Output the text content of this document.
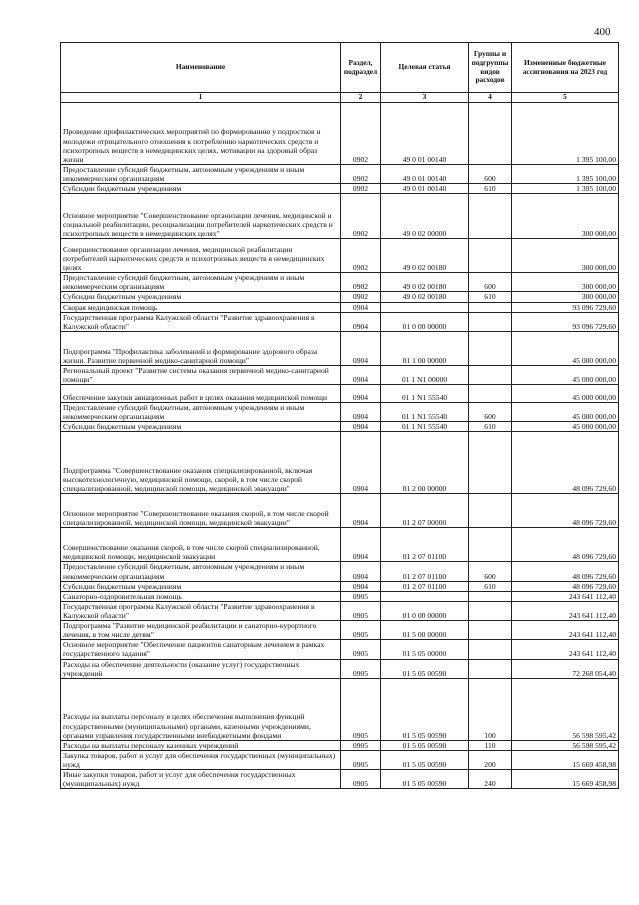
400
Наименование	Раздел, подраздел	Целевая статья	Группы и подгруппы видов расходов	Измененные бюджетные ассигнования на 2023 год
1	2	3	4	5
Проведение профилактических мероприятий по формированию у подростков и молодежи отрицательного отношения к потреблению наркотических средств и психотропных веществ в немедицинских целях, мотивации на здоровый образ жизни	0902	49 0 01 00140		1 395 100,00
Предоставление субсидий бюджетным, автономным учреждениям и иным некоммерческим организациям	0902	49 0 01 00140	600	1 395 100,00
Субсидии бюджетным учреждениям	0902	49 0 01 00140	610	1 395 100,00
Основное мероприятие "Совершенствование организации лечения, медицинской и социальной реабилитации, ресоциализации потребителей наркотических средств и психотропных веществ в немедицинских целях"	0902	49 0 02 00000		300 000,00
Совершенствование организации лечения, медицинской реабилитации потребителей наркотических средств и психотропных веществ в немедицинских целях	0902	49 0 02 00180		300 000,00
Предоставление субсидий бюджетным, автономным учреждениям и иным некоммерческим организациям	0902	49 0 02 00180	600	300 000,00
Субсидии бюджетным учреждениям	0902	49 0 02 00180	610	300 000,00
Скорая медицинская помощь	0904			93 096 729,60
Государственная программа Калужской области "Развитие здравоохранения в Калужской области"	0904	01 0 00 00000		93 096 729,60
Подпрограмма "Профилактика заболеваний и формирование здорового образа жизни. Развитие первичной медико-санитарной помощи"	0904	01 1 00 00000		45 000 000,00
Региональный проект "Развитие системы оказания первичной медико-санитарной помощи"	0904	01 1 N1 00000		45 000 000,00
Обеспечение закупки авиационных работ в целях оказания медицинской помощи	0904	01 1 N1 55540		45 000 000,00
Предоставление субсидий бюджетным, автономным учреждениям и иным некоммерческим организациям	0904	01 1 N1 55540	600	45 000 000,00
Субсидии бюджетным учреждениям	0904	01 1 N1 55540	610	45 000 000,00
Подпрограмма "Совершенствование оказания специализированной, включая высокотехнологичную, медицинской помощи, скорой, в том числе скорой специализированной, медицинской помощи, медицинской эвакуации"	0904	01 2 00 00000		48 096 729,60
Основное мероприятие "Совершенствование оказания скорой, в том числе скорой специализированной, медицинской помощи, медицинской эвакуации"	0904	01 2 07 00000		48 096 729,60
Совершенствование оказания скорой, в том числе скорой специализированной, медицинской помощи, медицинской эвакуации	0904	01 2 07 01100		48 096 729,60
Предоставление субсидий бюджетным, автономным учреждениям и иным некоммерческим организациям	0904	01 2 07 01100	600	48 096 729,60
Субсидии бюджетным учреждениям	0904	01 2 07 01100	610	48 096 729,60
Санаторно-оздоровительная помощь	0905			243 641 112,40
Государственная программа Калужской области "Развитие здравоохранения в Калужской области"	0905	01 0 00 00000		243 641 112,40
Подпрограмма "Развитие медицинской реабилитации и санаторно-курортного лечения, в том числе детям"	0905	01 5 00 00000		243 641 112,40
Основное мероприятие "Обеспечение пациентов санаторным лечением в рамках государственного задания"	0905	01 5 05 00000		243 641 112,40
Расходы на обеспечение деятельности (оказание услуг) государственных учреждений	0905	01 5 05 00590		72 268 054,40
Расходы на выплаты персоналу в целях обеспечения выполнения функций государственными (муниципальными) органами, казенными учреждениями, органами управления государственными внебюджетными фондами	0905	01 5 05 00590	100	56 598 595,42
Расходы на выплаты персоналу казенных учреждений	0905	01 5 05 00590	110	56 598 595,42
Закупка товаров, работ и услуг для обеспечения государственных (муниципальных) нужд	0905	01 5 05 00590	200	15 669 458,98
Иные закупки товаров, работ и услуг для обеспечения государственных (муниципальных) нужд	0905	01 5 05 00590	240	15 669 458,98
